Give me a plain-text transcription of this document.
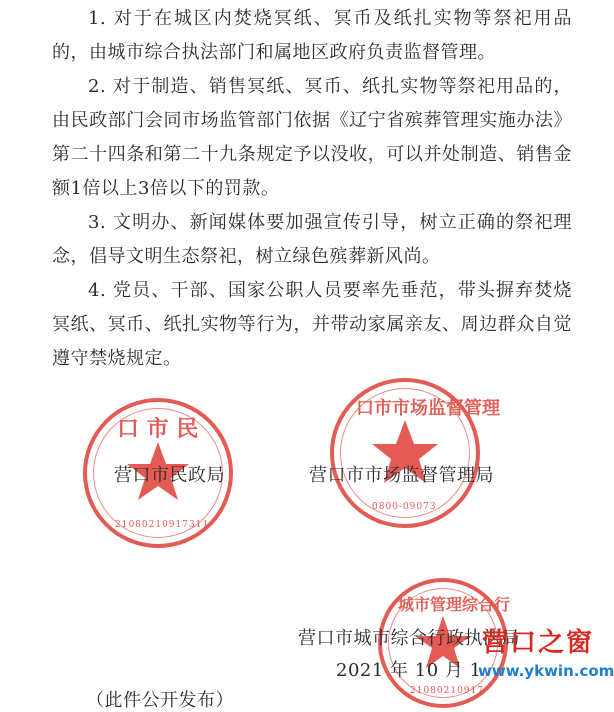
1. 对于在城区内焚烧冥纸、冥币及纸扎实物等祭祀用品的，由城市综合执法部门和属地区政府负责监督管理。
2. 对于制造、销售冥纸、冥币、纸扎实物等祭祀用品的，由民政部门会同市场监管部门依据《辽宁省殡葬管理实施办法》第二十四条和第二十九条规定予以没收，可以并处制造、销售金额1倍以上3倍以下的罚款。
3. 文明办、新闻媒体要加强宣传引导，树立正确的祭祀理念，倡导文明生态祭祀，树立绿色殡葬新风尚。
4. 党员、干部、国家公职人员要率先垂范，带头摒弃焚烧冥纸、冥币、纸扎实物等行为，并带动家属亲友、周边群众自觉遵守禁烧规定。
口 市 民
21080210917311
口市市场监督管理
0800-09073
城市管理综合行
21080210917
营口市民政局	营口市市场监督管理局
营口市城市综合行政执法局
2021 年 10 月 1
（此件公开发布）
营口之窗
www.ykwin.com
